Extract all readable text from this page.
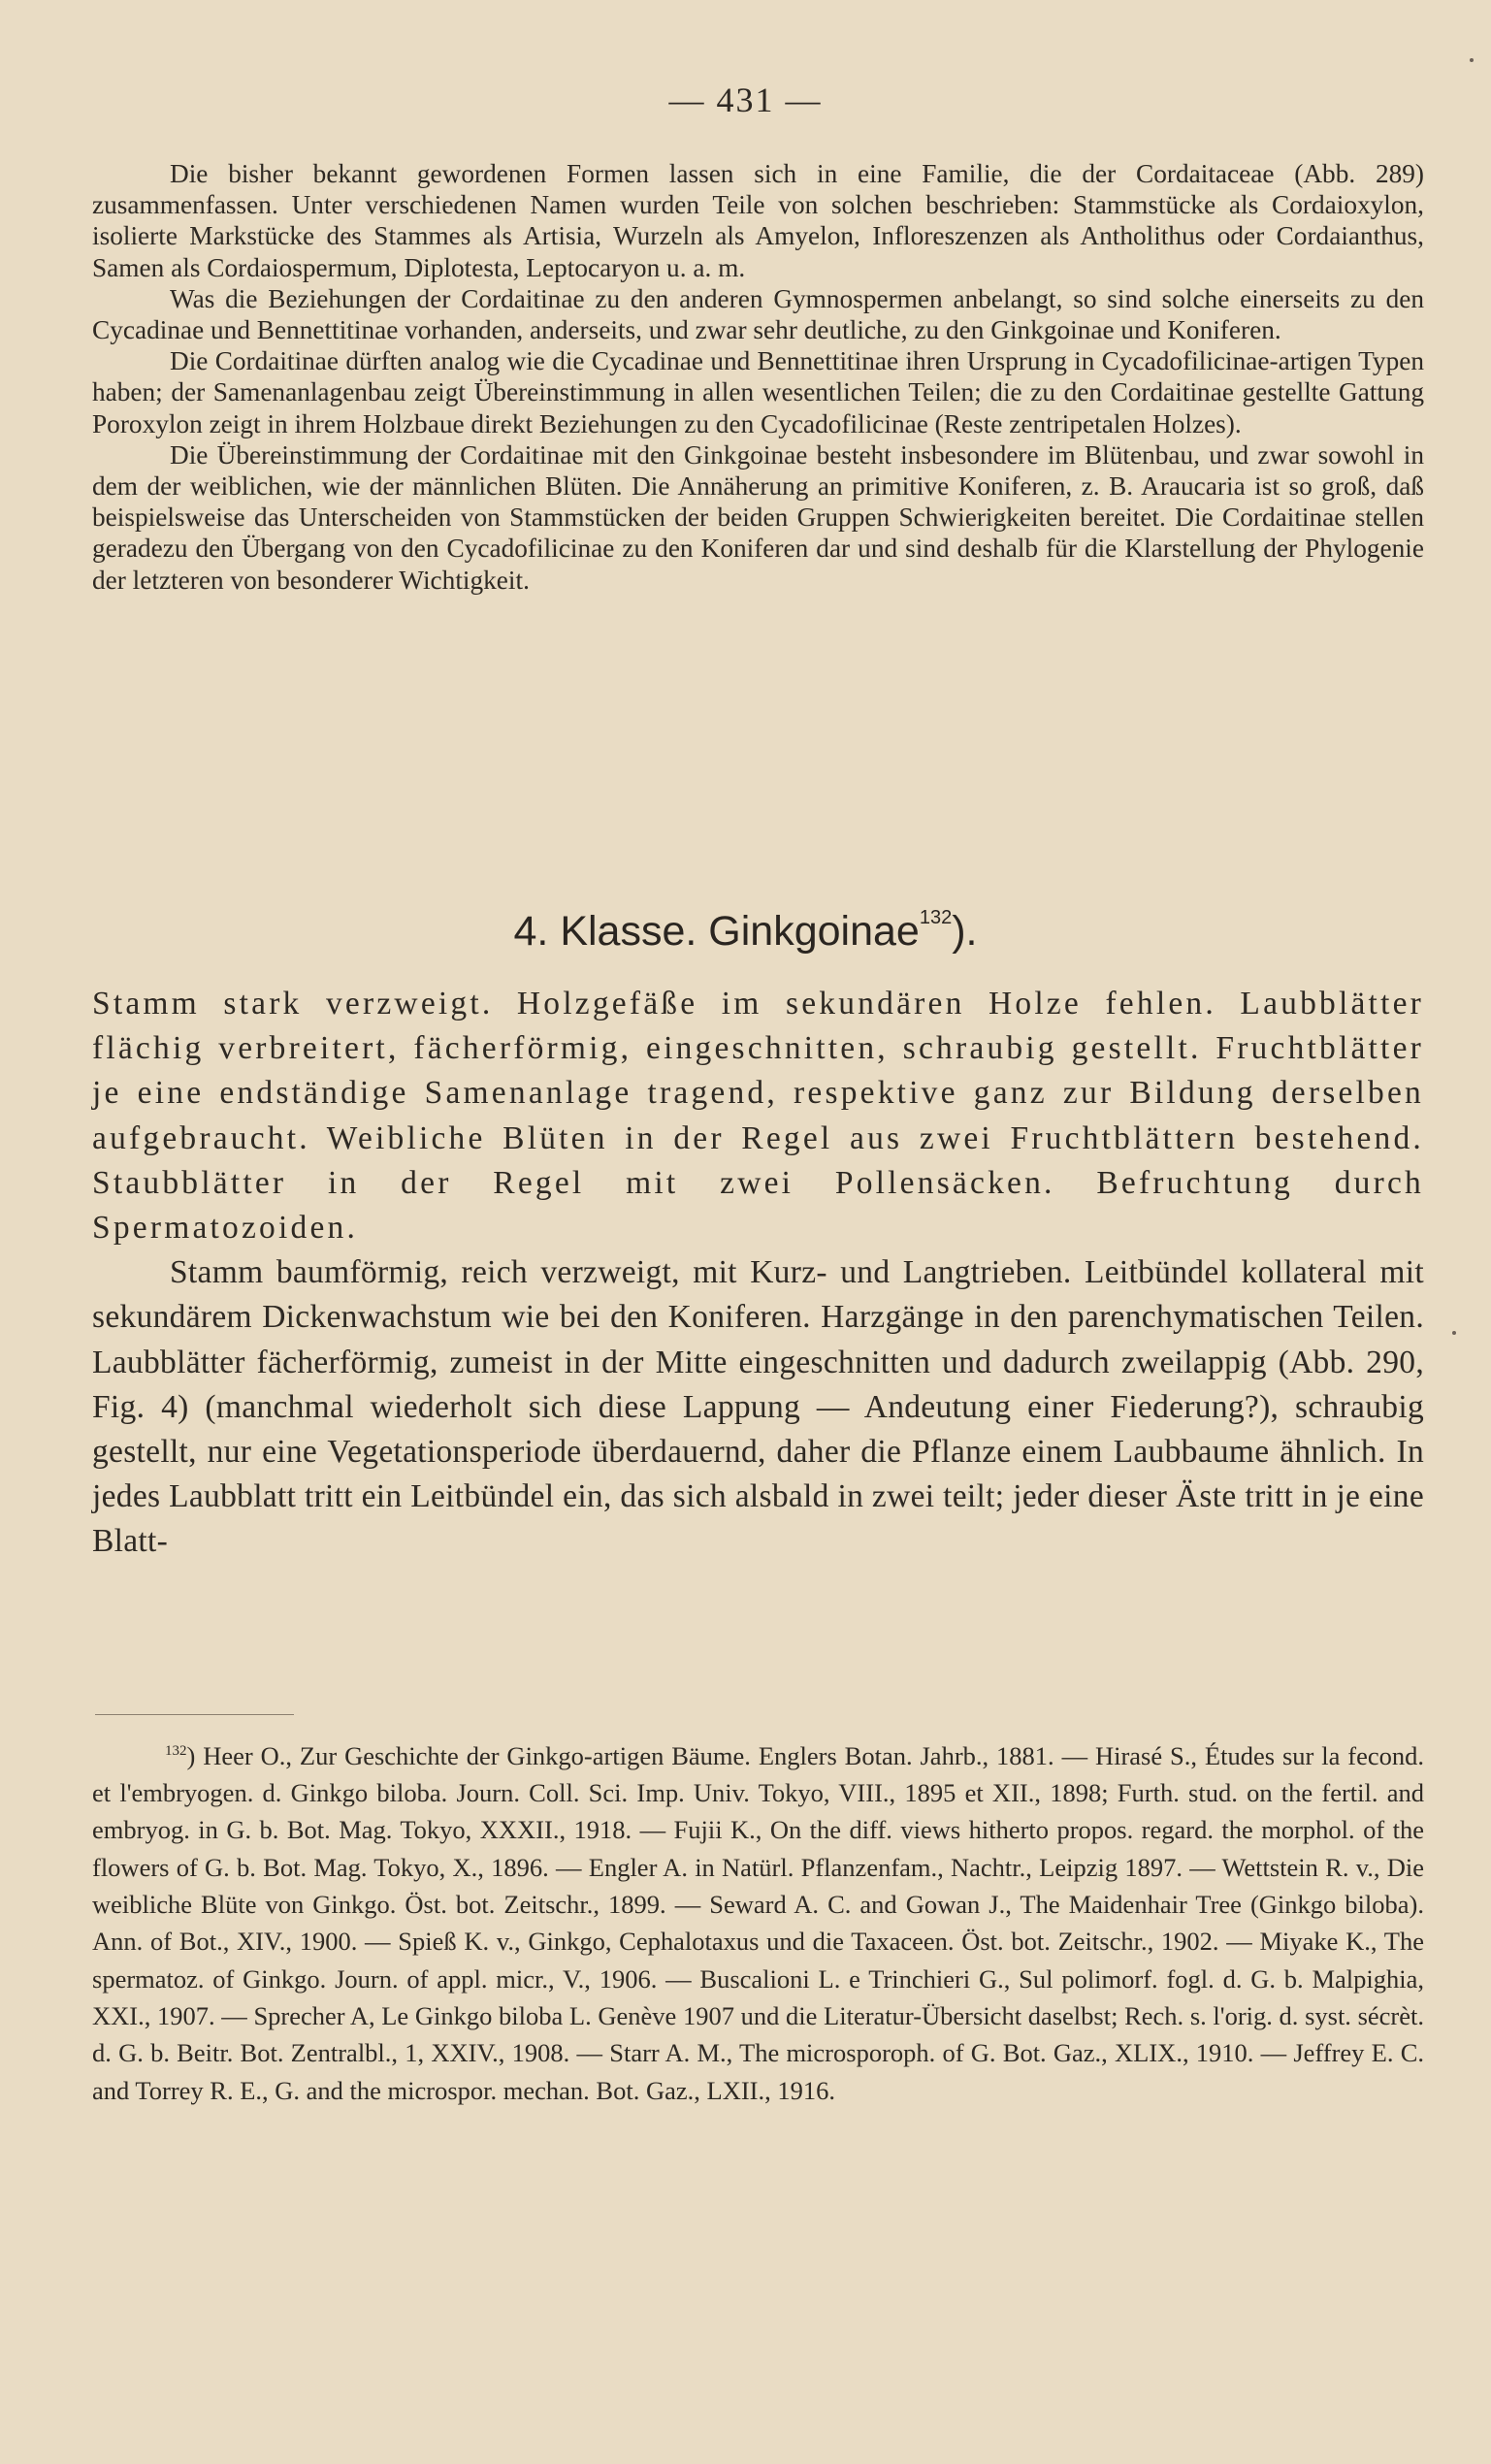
— 431 —

Die bisher bekannt gewordenen Formen lassen sich in eine Familie, die der Cordaitaceae (Abb. 289) zusammenfassen. Unter verschiedenen Namen wurden Teile von solchen beschrieben: Stammstücke als Cordaioxylon, isolierte Markstücke des Stammes als Artisia, Wurzeln als Amyelon, Infloreszenzen als Antholithus oder Cordaianthus, Samen als Cordaiospermum, Diplotesta, Leptocaryon u. a. m.

Was die Beziehungen der Cordaitinae zu den anderen Gymnospermen anbelangt, so sind solche einerseits zu den Cycadinae und Bennettitinae vorhanden, anderseits, und zwar sehr deutliche, zu den Ginkgoinae und Koniferen.

Die Cordaitinae dürften analog wie die Cycadinae und Bennettitinae ihren Ursprung in Cycadofilicinae-artigen Typen haben; der Samenanlagenbau zeigt Übereinstimmung in allen wesentlichen Teilen; die zu den Cordaitinae gestellte Gattung Poroxylon zeigt in ihrem Holzbaue direkt Beziehungen zu den Cycadofilicinae (Reste zentripetalen Holzes).

Die Übereinstimmung der Cordaitinae mit den Ginkgoinae besteht insbesondere im Blütenbau, und zwar sowohl in dem der weiblichen, wie der männlichen Blüten. Die Annäherung an primitive Koniferen, z. B. Araucaria ist so groß, daß beispielsweise das Unterscheiden von Stammstücken der beiden Gruppen Schwierigkeiten bereitet. Die Cordaitinae stellen geradezu den Übergang von den Cycadofilicinae zu den Koniferen dar und sind deshalb für die Klarstellung der Phylogenie der letzteren von besonderer Wichtigkeit.

4. Klasse. Ginkgoinae$^{132}$).

Stamm stark verzweigt. Holzgefäße im sekundären Holze fehlen. Laubblätter flächig verbreitert, fächerförmig, eingeschnitten, schraubig gestellt. Fruchtblätter je eine endständige Samenanlage tragend, respektive ganz zur Bildung derselben aufgebraucht. Weibliche Blüten in der Regel aus zwei Fruchtblättern bestehend. Staubblätter in der Regel mit zwei Pollensäcken. Befruchtung durch Spermatozoiden.

Stamm baumförmig, reich verzweigt, mit Kurz- und Langtrieben. Leitbündel kollateral mit sekundärem Dickenwachstum wie bei den Koniferen. Harzgänge in den parenchymatischen Teilen. Laubblätter fächerförmig, zumeist in der Mitte eingeschnitten und dadurch zweilappig (Abb. 290, Fig. 4) (manchmal wiederholt sich diese Lappung — Andeutung einer Fiederung?), schraubig gestellt, nur eine Vegetationsperiode überdauernd, daher die Pflanze einem Laubbaume ähnlich. In jedes Laubblatt tritt ein Leitbündel ein, das sich alsbald in zwei teilt; jeder dieser Äste tritt in je eine Blatt-

$^{132}$) Heer O., Zur Geschichte der Ginkgo-artigen Bäume. Englers Botan. Jahrb., 1881. — Hirasé S., Études sur la fecond. et l'embryogen. d. Ginkgo biloba. Journ. Coll. Sci. Imp. Univ. Tokyo, VIII., 1895 et XII., 1898; Furth. stud. on the fertil. and embryog. in G. b. Bot. Mag. Tokyo, XXXII., 1918. — Fujii K., On the diff. views hitherto propos. regard. the morphol. of the flowers of G. b. Bot. Mag. Tokyo, X., 1896. — Engler A. in Natürl. Pflanzenfam., Nachtr., Leipzig 1897. — Wettstein R. v., Die weibliche Blüte von Ginkgo. Öst. bot. Zeitschr., 1899. — Seward A. C. and Gowan J., The Maidenhair Tree (Ginkgo biloba). Ann. of Bot., XIV., 1900. — Spieß K. v., Ginkgo, Cephalotaxus und die Taxaceen. Öst. bot. Zeitschr., 1902. — Miyake K., The spermatoz. of Ginkgo. Journ. of appl. micr., V., 1906. — Buscalioni L. e Trinchieri G., Sul polimorf. fogl. d. G. b. Malpighia, XXI., 1907. — Sprecher A, Le Ginkgo biloba L. Genève 1907 und die Literatur-Übersicht daselbst; Rech. s. l'orig. d. syst. sécrèt. d. G. b. Beitr. Bot. Zentralbl., 1, XXIV., 1908. — Starr A. M., The microsporoph. of G. Bot. Gaz., XLIX., 1910. — Jeffrey E. C. and Torrey R. E., G. and the microspor. mechan. Bot. Gaz., LXII., 1916.
